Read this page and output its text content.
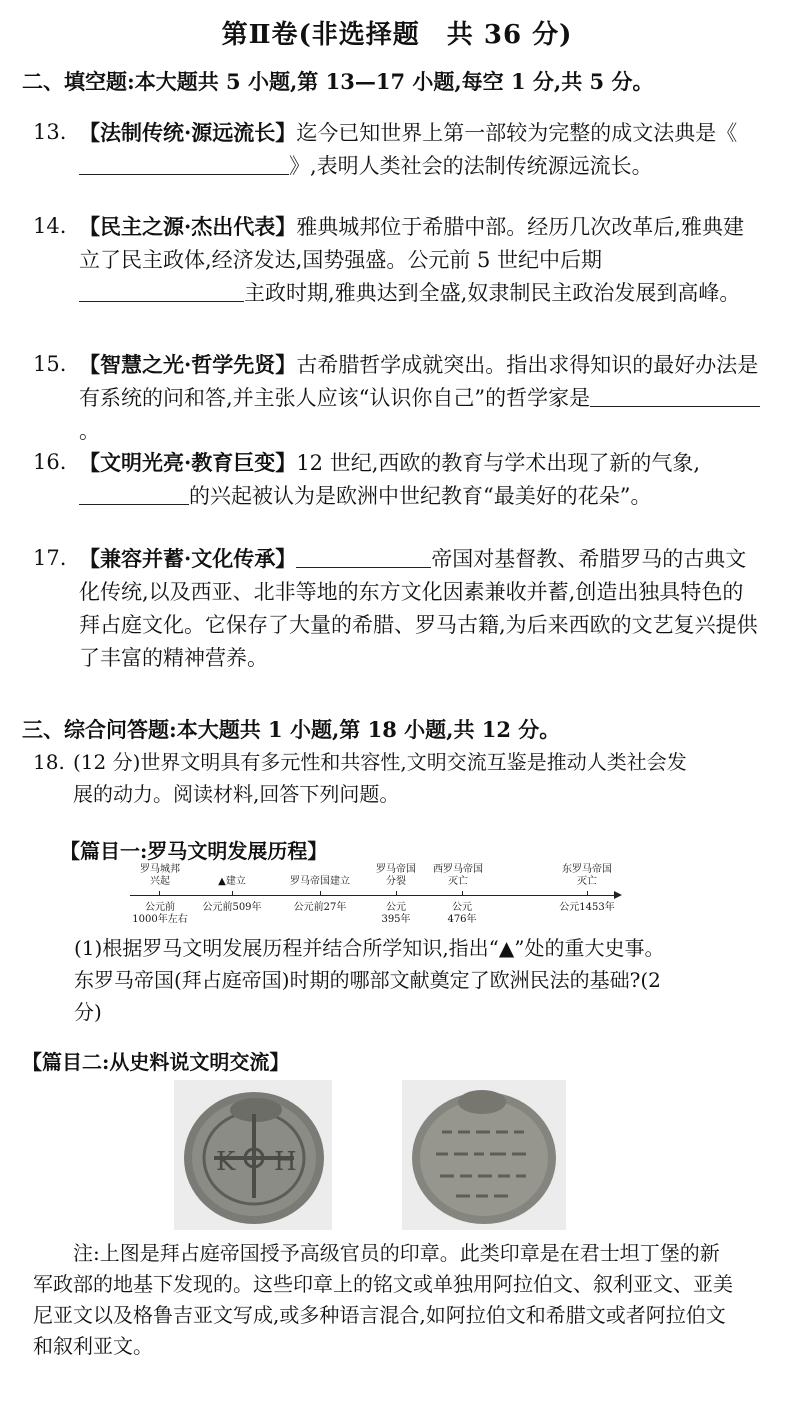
第Ⅱ卷(非选择题　共 36 分)
二、填空题:本大题共 5 小题,第 13—17 小题,每空 1 分,共 5 分。
13. 【法制传统·源远流长】迄今已知世界上第一部较为完整的成文法典是《》,表明人类社会的法制传统源远流长。
14. 【民主之源·杰出代表】雅典城邦位于希腊中部。经历几次改革后,雅典建立了民主政体,经济发达,国势强盛。公元前 5 世纪中后期主政时期,雅典达到全盛,奴隶制民主政治发展到高峰。
15. 【智慧之光·哲学先贤】古希腊哲学成就突出。指出求得知识的最好办法是有系统的问和答,并主张人应该“认识你自己”的哲学家是。
16. 【文明光亮·教育巨变】12 世纪,西欧的教育与学术出现了新的气象,的兴起被认为是欧洲中世纪教育“最美好的花朵”。
17. 【兼容并蓄·文化传承】	帝国对基督教、希腊罗马的古典文化传统,以及西亚、北非等地的东方文化因素兼收并蓄,创造出独具特色的拜占庭文化。它保存了大量的希腊、罗马古籍,为后来西欧的文艺复兴提供了丰富的精神营养。
三、综合问答题:本大题共 1 小题,第 18 小题,共 12 分。
18. (12 分)世界文明具有多元性和共容性,文明交流互鉴是推动人类社会发展的动力。阅读材料,回答下列问题。
【篇目一:罗马文明发展历程】
罗马城邦
兴起
公元前
1000年左右
▲建立
公元前509年
罗马帝国建立
公元前27年
罗马帝国
分裂
公元
395年
西罗马帝国
灭亡
公元
476年
东罗马帝国
灭亡
公元1453年
(1)根据罗马文明发展历程并结合所学知识,指出“▲”处的重大史事。东罗马帝国(拜占庭帝国)时期的哪部文献奠定了欧洲民法的基础?(2 分)
【篇目二:从史料说文明交流】
K H
注:上图是拜占庭帝国授予高级官员的印章。此类印章是在君士坦丁堡的新军政部的地基下发现的。这些印章上的铭文或单独用阿拉伯文、叙利亚文、亚美尼亚文以及格鲁吉亚文写成,或多种语言混合,如阿拉伯文和希腊文或者阿拉伯文和叙利亚文。
